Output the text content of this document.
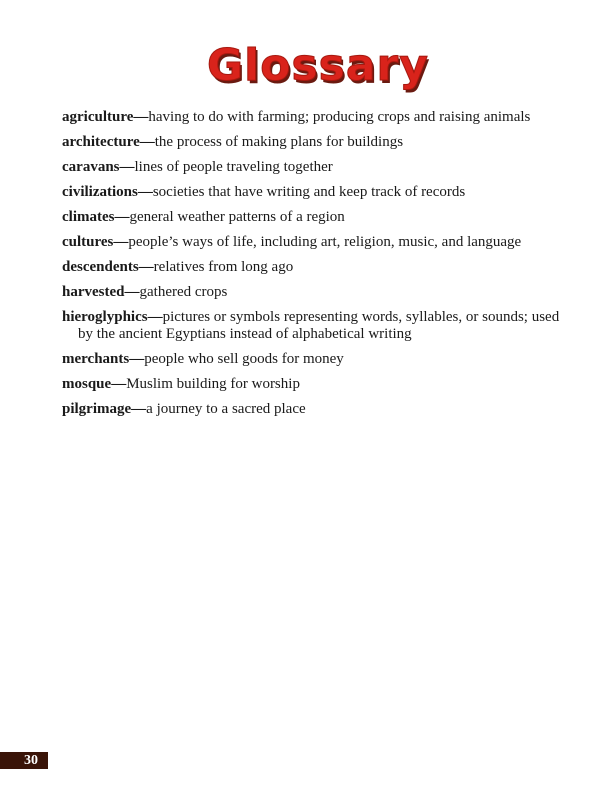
Glossary
agriculture—having to do with farming; producing crops and raising animals
architecture—the process of making plans for buildings
caravans—lines of people traveling together
civilizations—societies that have writing and keep track of records
climates—general weather patterns of a region
cultures—people’s ways of life, including art, religion, music, and language
descendents—relatives from long ago
harvested—gathered crops
hieroglyphics—pictures or symbols representing words, syllables, or sounds; used by the ancient Egyptians instead of alphabetical writing
merchants—people who sell goods for money
mosque—Muslim building for worship
pilgrimage—a journey to a sacred place
30
